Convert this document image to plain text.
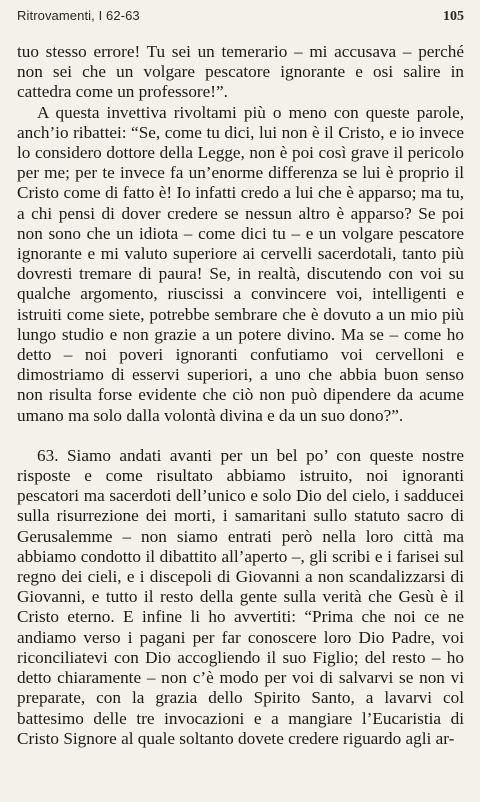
Ritrovamenti, I 62-63	105

tuo stesso errore! Tu sei un temerario – mi accusava – perché non sei che un volgare pescatore ignorante e osi salire in cattedra come un professore!”.

A questa invettiva rivoltami più o meno con queste parole, anch’io ribattei: “Se, come tu dici, lui non è il Cristo, e io invece lo considero dottore della Legge, non è poi così grave il pericolo per me; per te invece fa un’enorme differenza se lui è proprio il Cristo come di fatto è! Io infatti credo a lui che è apparso; ma tu, a chi pensi di dover credere se nessun altro è apparso? Se poi non sono che un idiota – come dici tu – e un volgare pescatore ignorante e mi valuto superiore ai cervelli sacerdotali, tanto più dovresti tremare di paura! Se, in realtà, discutendo con voi su qualche argomento, riuscissi a convincere voi, intelligenti e istruiti come siete, potrebbe sembrare che è dovuto a un mio più lungo studio e non grazie a un potere divino. Ma se – come ho detto – noi poveri ignoranti confutiamo voi cervelloni e dimostriamo di esservi superiori, a uno che abbia buon senso non risulta forse evidente che ciò non può dipendere da acume umano ma solo dalla volontà divina e da un suo dono?”.

63. Siamo andati avanti per un bel po’ con queste nostre risposte e come risultato abbiamo istruito, noi ignoranti pescatori ma sacerdoti dell’unico e solo Dio del cielo, i sadducei sulla risurrezione dei morti, i samaritani sullo statuto sacro di Gerusalemme – non siamo entrati però nella loro città ma abbiamo condotto il dibattito all’aperto –, gli scribi e i farisei sul regno dei cieli, e i discepoli di Giovanni a non scandalizzarsi di Giovanni, e tutto il resto della gente sulla verità che Gesù è il Cristo eterno. E infine li ho avvertiti: “Prima che noi ce ne andiamo verso i pagani per far conoscere loro Dio Padre, voi riconciliatevi con Dio accogliendo il suo Figlio; del resto – ho detto chiaramente – non c’è modo per voi di salvarvi se non vi preparate, con la grazia dello Spirito Santo, a lavarvi col battesimo delle tre invocazioni e a mangiare l’Eucaristia di Cristo Signore al quale soltanto dovete credere riguardo agli ar-
